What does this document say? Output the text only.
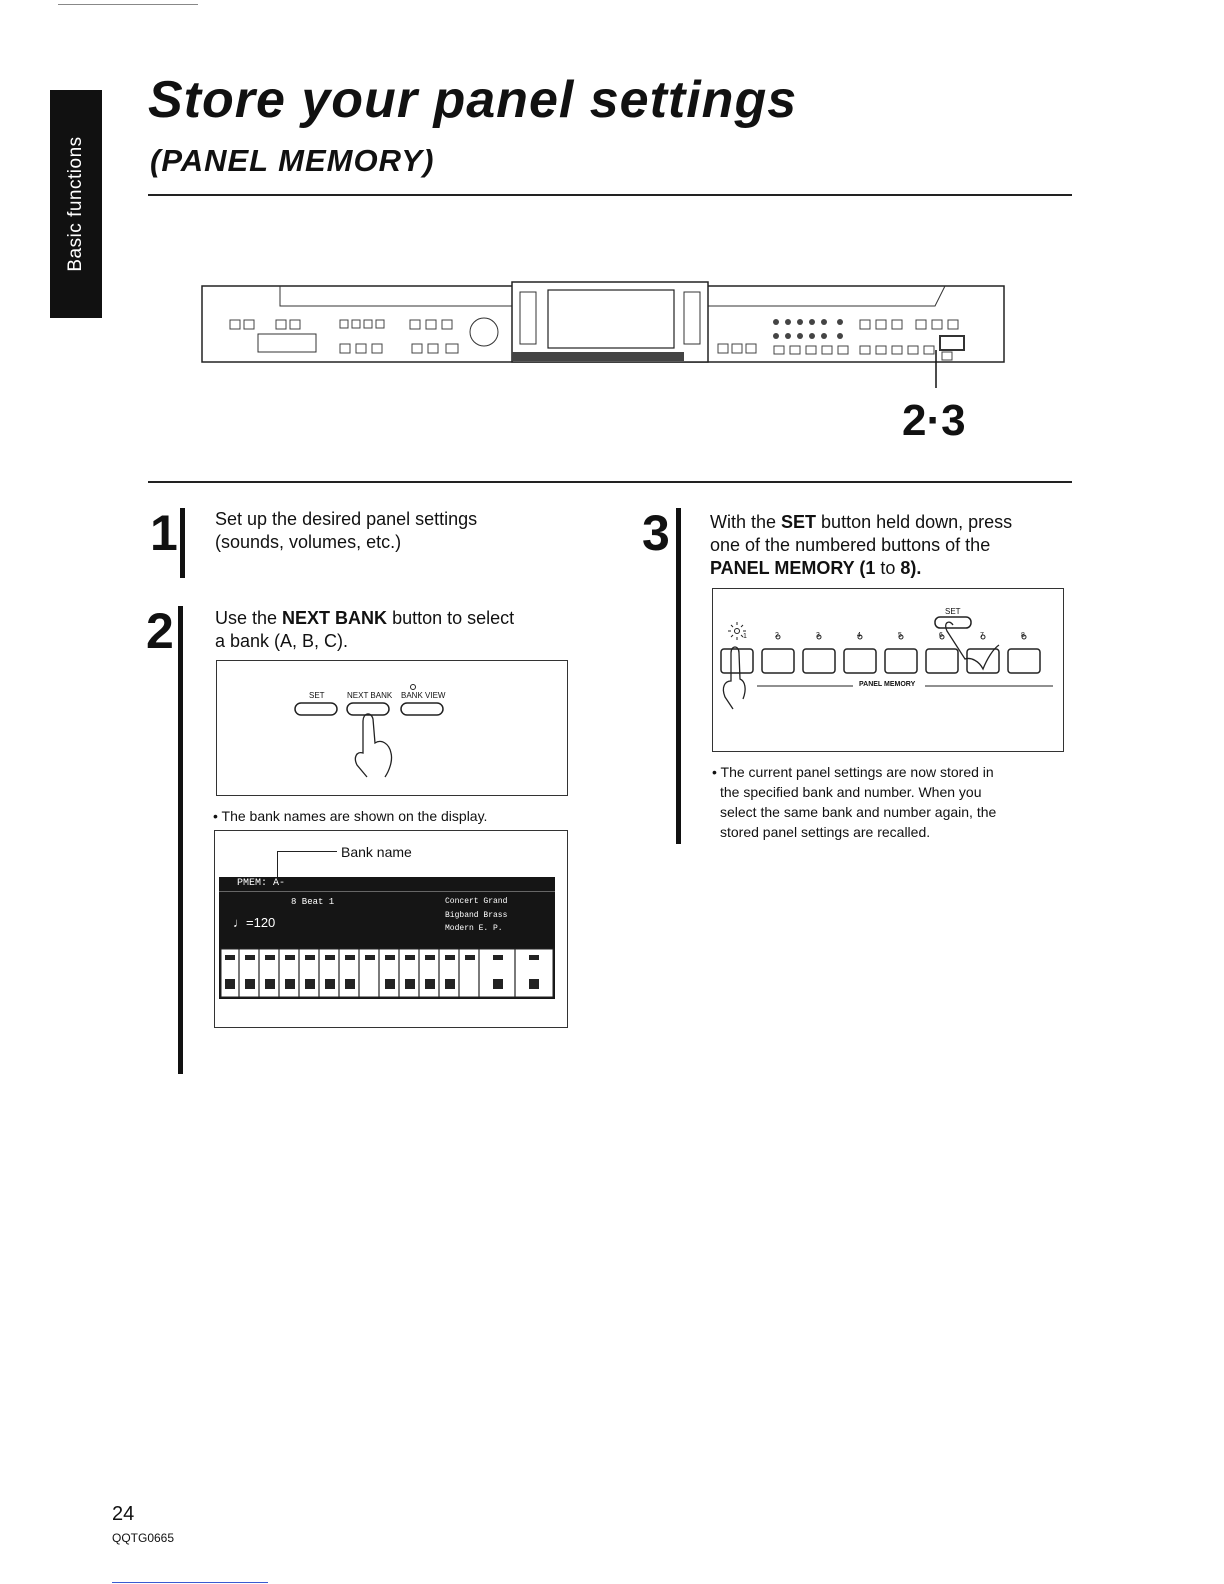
Basic functions
Store your panel settings
(PANEL MEMORY)
2·3
1 Set up the desired panel settings
(sounds, volumes, etc.)
2 Use the NEXT BANK button to select
a bank (A, B, C).
SET	NEXT BANK BANK VIEW
• The bank names are shown on the display.
Bank name
PMEM: A-
8 Beat 1
♩=120
Concert Grand
Bigband Brass
Modern E. P.
3 With the SET button held down, press
one of the numbered buttons of the
PANEL MEMORY (1 to 8).
SET
2	3	4	5	6	7	8
1
PANEL MEMORY
• The current panel settings are now stored in
the specified bank and number. When you
select the same bank and number again, the
stored panel settings are recalled.
24
QQTG0665
